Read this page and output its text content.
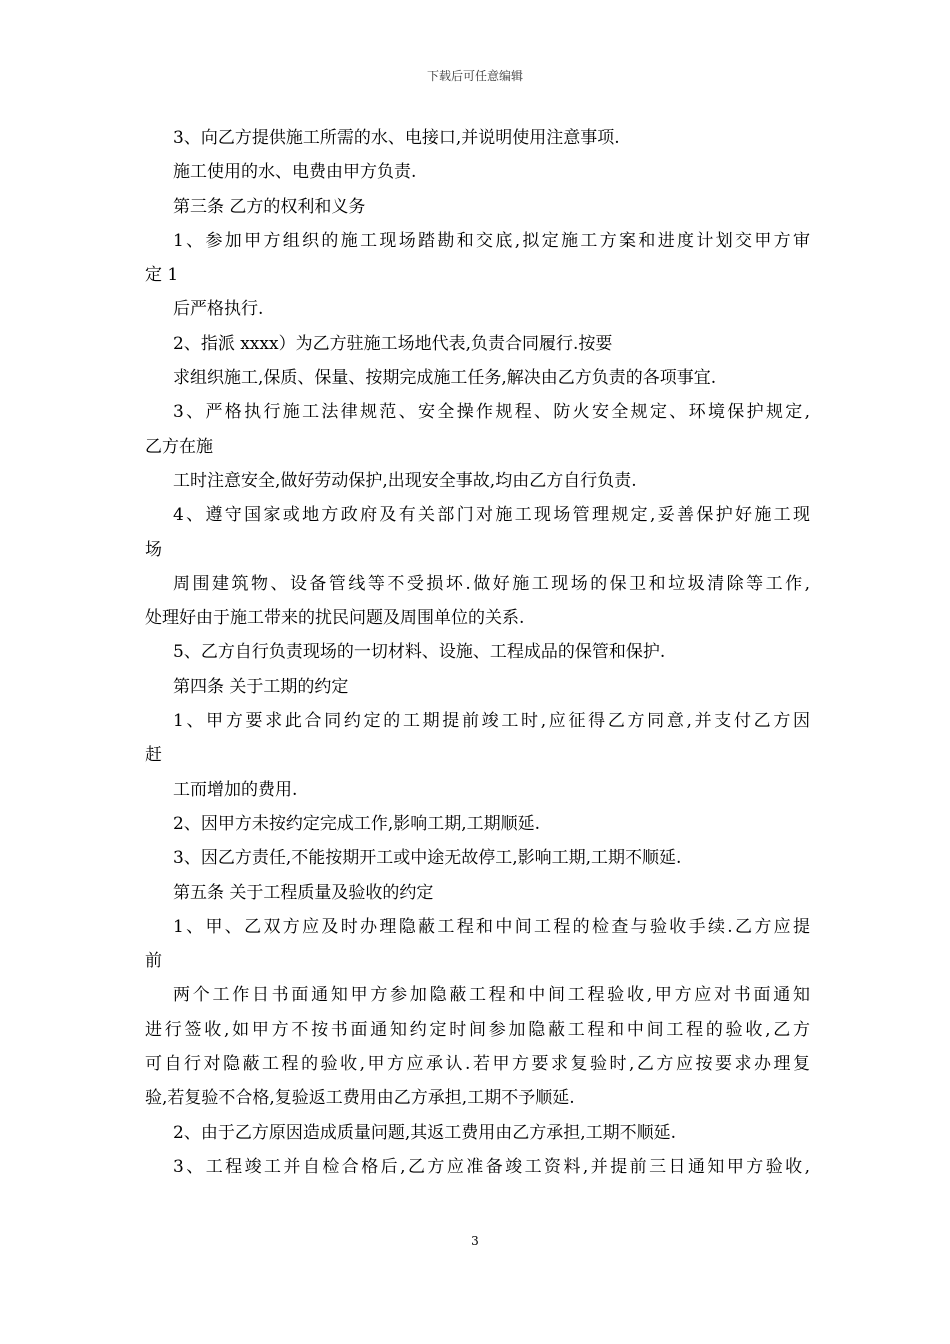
下载后可任意编辑
3、向乙方提供施工所需的水、电接口,并说明使用注意事项.
施工使用的水、电费由甲方负责.
第三条 乙方的权利和义务
1、参加甲方组织的施工现场踏勘和交底,拟定施工方案和进度计划交甲方审
定 1
后严格执行.
2、指派 xxxx）为乙方驻施工场地代表,负责合同履行.按要
求组织施工,保质、保量、按期完成施工任务,解决由乙方负责的各项事宜.
3、严格执行施工法律规范、安全操作规程、防火安全规定、环境保护规定,
乙方在施
工时注意安全,做好劳动保护,出现安全事故,均由乙方自行负责.
4、遵守国家或地方政府及有关部门对施工现场管理规定,妥善保护好施工现
场
周围建筑物、设备管线等不受损坏.做好施工现场的保卫和垃圾清除等工作,
处理好由于施工带来的扰民问题及周围单位的关系.
5、乙方自行负责现场的一切材料、设施、工程成品的保管和保护.
第四条 关于工期的约定
1、甲方要求此合同约定的工期提前竣工时,应征得乙方同意,并支付乙方因
赶
工而增加的费用.
2、因甲方未按约定完成工作,影响工期,工期顺延.
3、因乙方责任,不能按期开工或中途无故停工,影响工期,工期不顺延.
第五条 关于工程质量及验收的约定
1、甲、乙双方应及时办理隐蔽工程和中间工程的检查与验收手续.乙方应提
前
两个工作日书面通知甲方参加隐蔽工程和中间工程验收,甲方应对书面通知
进行签收,如甲方不按书面通知约定时间参加隐蔽工程和中间工程的验收,乙方
可自行对隐蔽工程的验收,甲方应承认.若甲方要求复验时,乙方应按要求办理复
验,若复验不合格,复验返工费用由乙方承担,工期不予顺延.
2、由于乙方原因造成质量问题,其返工费用由乙方承担,工期不顺延.
3、工程竣工并自检合格后,乙方应准备竣工资料,并提前三日通知甲方验收,
3
